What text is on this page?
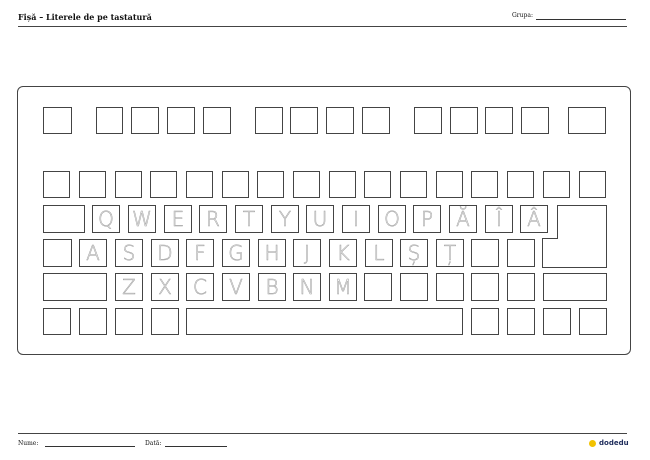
Fișă – Literele de pe tastatură	Grupa:
Q W E	R	T	Y	U	I	O	P	Ă	Î	Â
A	S	D	F	G	H	J	K	L	Ș	Ț
Z	X	C	V	B	N M
Nume:	Dată:	dodedu
